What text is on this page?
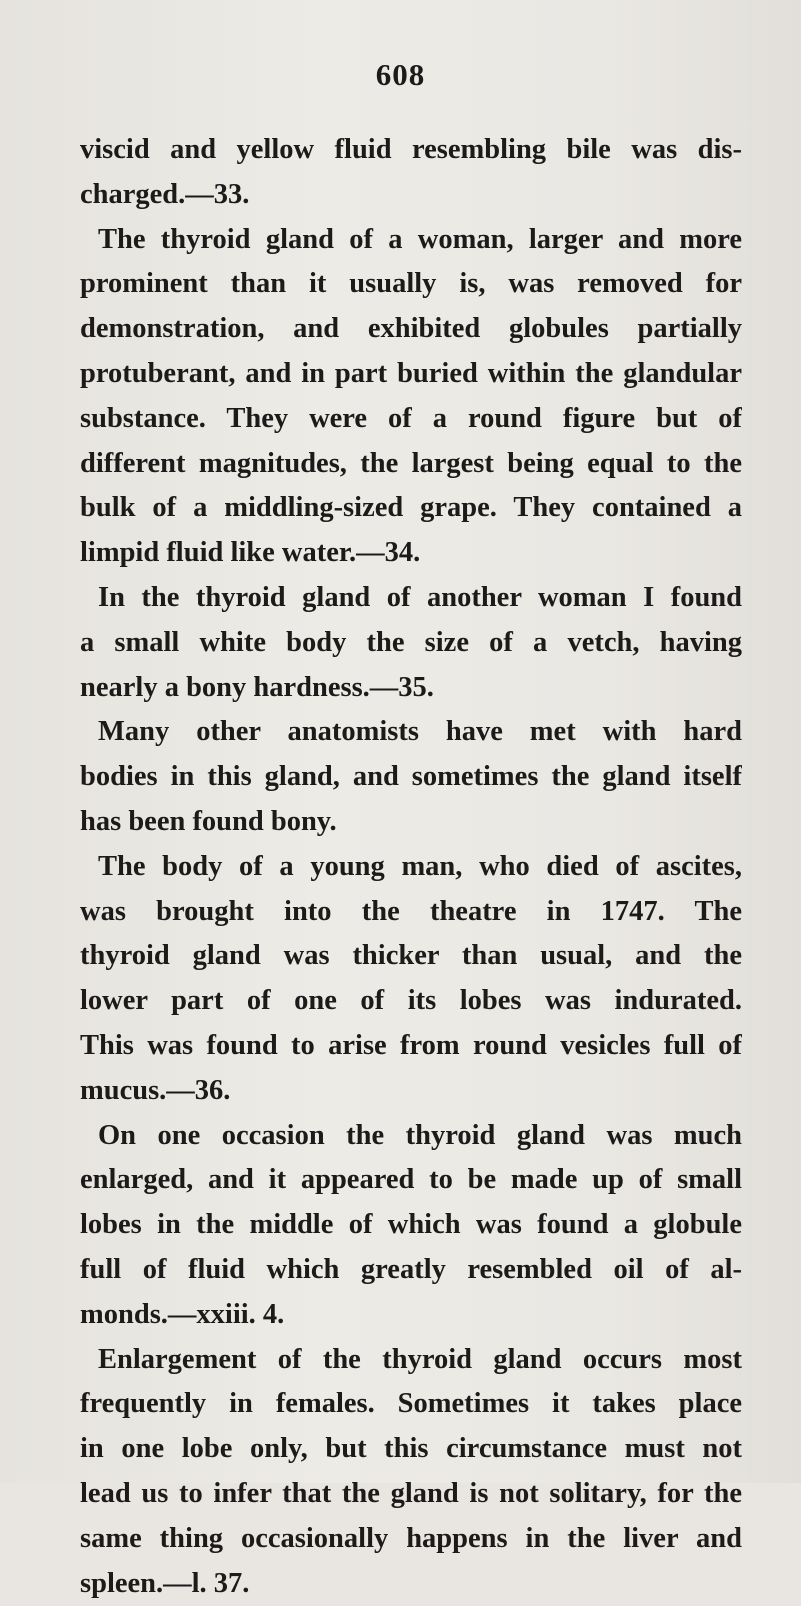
608
viscid and yellow fluid resembling bile was dis-
charged.—33.
The thyroid gland of a woman, larger and more
prominent than it usually is, was removed for
demonstration, and exhibited globules partially
protuberant, and in part buried within the glandular
substance. They were of a round figure but of
different magnitudes, the largest being equal to the
bulk of a middling-sized grape. They contained a
limpid fluid like water.—34.
In the thyroid gland of another woman I found
a small white body the size of a vetch, having
nearly a bony hardness.—35.
Many other anatomists have met with hard
bodies in this gland, and sometimes the gland itself
has been found bony.
The body of a young man, who died of ascites,
was brought into the theatre in 1747. The
thyroid gland was thicker than usual, and the
lower part of one of its lobes was indurated.
This was found to arise from round vesicles full of
mucus.—36.
On one occasion the thyroid gland was much
enlarged, and it appeared to be made up of small
lobes in the middle of which was found a globule
full of fluid which greatly resembled oil of al-
monds.—xxiii. 4.
Enlargement of the thyroid gland occurs most
frequently in females. Sometimes it takes place
in one lobe only, but this circumstance must not
lead us to infer that the gland is not solitary, for the
same thing occasionally happens in the liver and
spleen.—l. 37.
